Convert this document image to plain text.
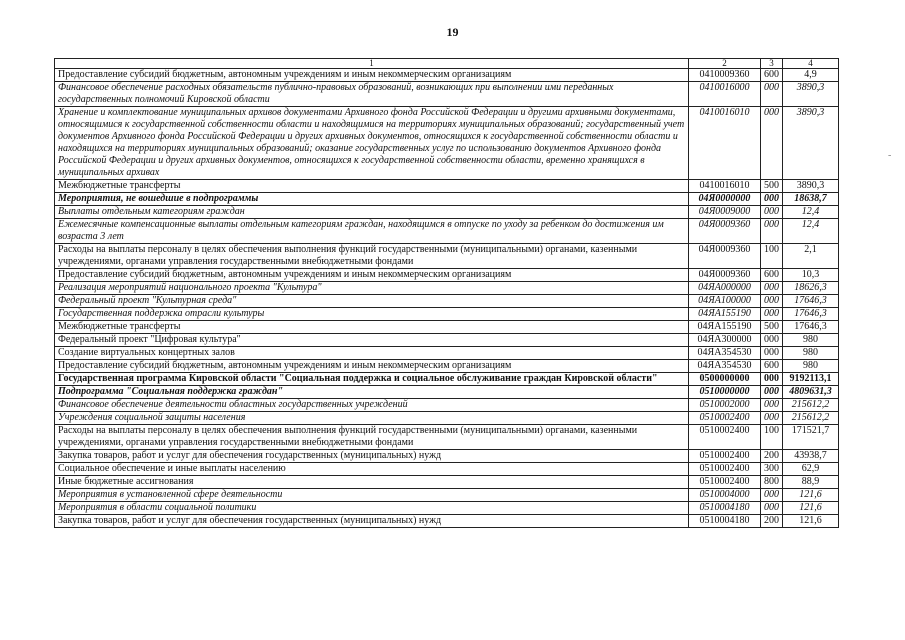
19
1	2	3	4
Предоставление субсидий бюджетным, автономным учреждениям и иным некоммерческим организациям	0410009360	600	4,9
Финансовое обеспечение расходных обязательств публично-правовых образований, возникающих при выполнении ими переданных государственных полномочий Кировской области	0410016000	000	3890,3
Хранение и комплектование муниципальных архивов документами Архивного фонда Российской Федерации и другими архивными документами, относящимися к государственной собственности области и находящимися на территориях муниципальных образований; государственный учет документов Архивного фонда Российской Федерации и других архивных документов, относящихся к государственной собственности области и находящихся на территориях муниципальных образований; оказание государственных услуг по использованию документов Архивного фонда Российской Федерации и других архивных документов, относящихся к государственной собственности области, временно хранящихся в муниципальных архивах	0410016010	000	3890,3
Межбюджетные трансферты	0410016010	500	3890,3
Мероприятия, не вошедшие в подпрограммы	04Я0000000	000	18638,7
Выплаты отдельным категориям граждан	04Я0009000	000	12,4
Ежемесячные компенсационные выплаты отдельным категориям граждан, находящимся в отпуске по уходу за ребенком до достижения им возраста 3 лет	04Я0009360	000	12,4
Расходы на выплаты персоналу в целях обеспечения выполнения функций государственными (муниципальными) органами, казенными учреждениями, органами управления государственными внебюджетными фондами	04Я0009360	100	2,1
Предоставление субсидий бюджетным, автономным учреждениям и иным некоммерческим организациям	04Я0009360	600	10,3
Реализация мероприятий национального проекта "Культура"	04ЯА000000	000	18626,3
Федеральный проект "Культурная среда"	04ЯА100000	000	17646,3
Государственная поддержка отрасли культуры	04ЯА155190	000	17646,3
Межбюджетные трансферты	04ЯА155190	500	17646,3
Федеральный проект "Цифровая культура"	04ЯА300000	000	980
Создание виртуальных концертных залов	04ЯА354530	000	980
Предоставление субсидий бюджетным, автономным учреждениям и иным некоммерческим организациям	04ЯА354530	600	980
Государственная программа Кировской области "Социальная поддержка и социальное обслуживание граждан Кировской области"	0500000000	000	9192113,1
Подпрограмма "Социальная поддержка граждан"	0510000000	000	4809631,3
Финансовое обеспечение деятельности областных государственных учреждений	0510002000	000	215612,2
Учреждения социальной защиты населения	0510002400	000	215612,2
Расходы на выплаты персоналу в целях обеспечения выполнения функций государственными (муниципальными) органами, казенными учреждениями, органами управления государственными внебюджетными фондами	0510002400	100	171521,7
Закупка товаров, работ и услуг для обеспечения государственных (муниципальных) нужд	0510002400	200	43938,7
Социальное обеспечение и иные выплаты населению	0510002400	300	62,9
Иные бюджетные ассигнования	0510002400	800	88,9
Мероприятия в установленной сфере деятельности	0510004000	000	121,6
Мероприятия в области социальной политики	0510004180	000	121,6
Закупка товаров, работ и услуг для обеспечения государственных (муниципальных) нужд	0510004180	200	121,6
‐
